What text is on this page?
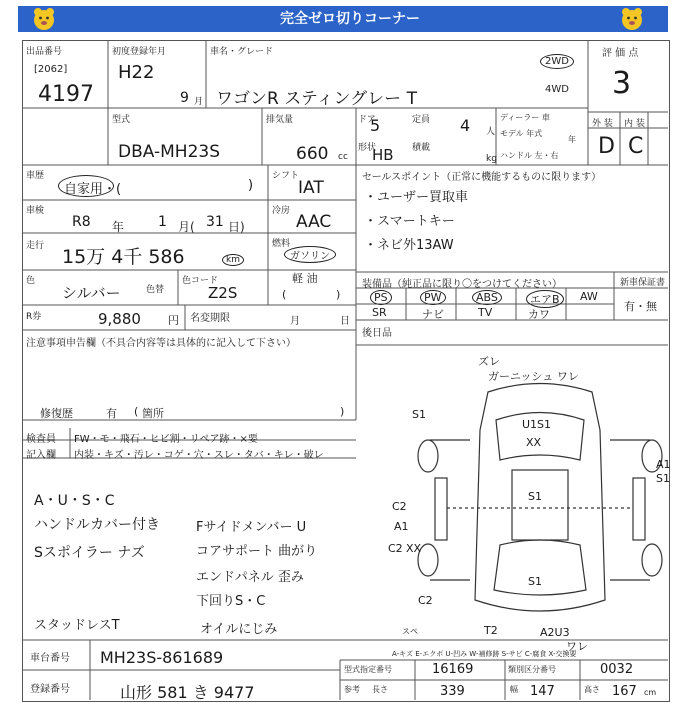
完全ゼロ切りコーナー
出品番号
[2062]
4197
初度登録年月
H22
9 月
車名・グレード
ワゴンR スティングレー T
2WD
4WD
評 価 点
3
外 装 内 装
D C
型式
DBA-MH23S
排気量
660 cc
ドア
5	定員 4 人
形状
HB 積載
kg
ディーラー 車
モデル 年式
年
ハンドル 左・右
車歴
自家用・(	)
シフト
IAT
車検
R8 年 1 月( 31 日)
冷房
AAC
走行 15万 4千 586	km
燃料
ガソリン
軽 油
(	)
色
シルバー	色替
色コード
Z2S
R券	9,880 円 名変期限	月	日
注意事項申告欄（不具合内容等は具体的に記入して下さい）
修復歴	有 ( 箇所	)
検査員
記入欄
FW・モ・飛石・ヒビ割・リペア跡・×要
内装・キズ・汚レ・コゲ・穴・スレ・タバ・キレ・破レ
セールスポイント（正常に機能するものに限ります）
・ユーザー買取車
・スマートキー
・ネビ外13AW
装備品（純正品に限り〇をつけてください）	新車保証書
有・無
PS	PW	ABS	エアB	AW
SR	ナビ	TV	カワ
後日品
A・U・S・C
ハンドルカバー付き
Sスポイラー ナズ
Fサイドメンバー U
コアサポート 曲がり
エンドパネル 歪み
下回りS・C
スタッドレスT	オイルにじみ
ズレ
ガーニッシュ ワレ
S1
U1S1
XX
S1
A1
S1
C2
A1
C2 XX
S1
C2
A2U3
ワレ
スペ	T2
A-キズ E-エクボ U-凹み W-補修跡 S-サビ C-腐食 X-交換要
車台番号 MH23S-861689
登録番号	山形 581 き 9477
型式指定番号	16169	類別区分番号	0032
参考 長さ	339	幅 147	高さ 167 cm
